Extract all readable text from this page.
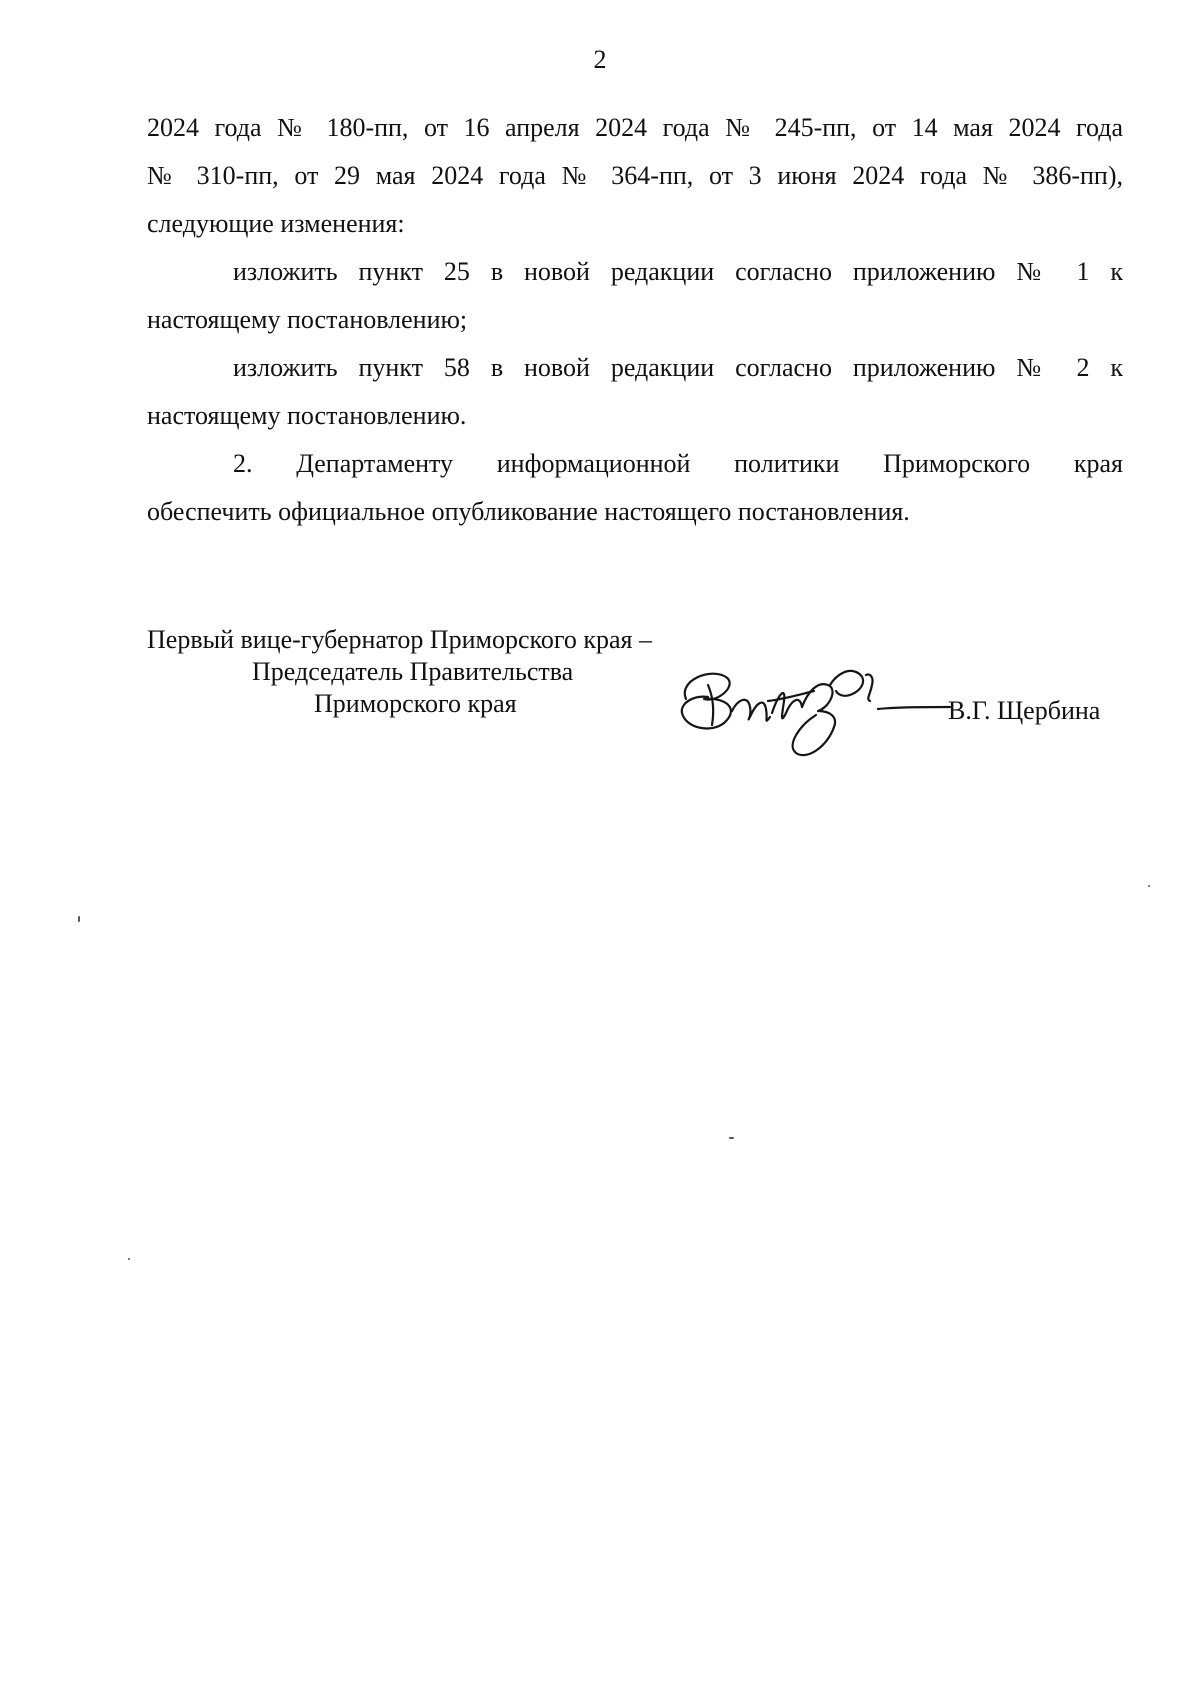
2
2024 года № 180-пп, от 16 апреля 2024 года № 245-пп, от 14 мая 2024 года
№ 310-пп, от 29 мая 2024 года № 364-пп, от 3 июня 2024 года № 386-пп),
следующие изменения:
изложить пункт 25 в новой редакции согласно приложению № 1 к
настоящему постановлению;
изложить пункт 58 в новой редакции согласно приложению № 2 к
настоящему постановлению.
2. Департаменту информационной политики Приморского края
обеспечить официальное опубликование настоящего постановления.
Первый вице-губернатор Приморского края –
Председатель Правительства
Приморского края	В.Г. Щербина
